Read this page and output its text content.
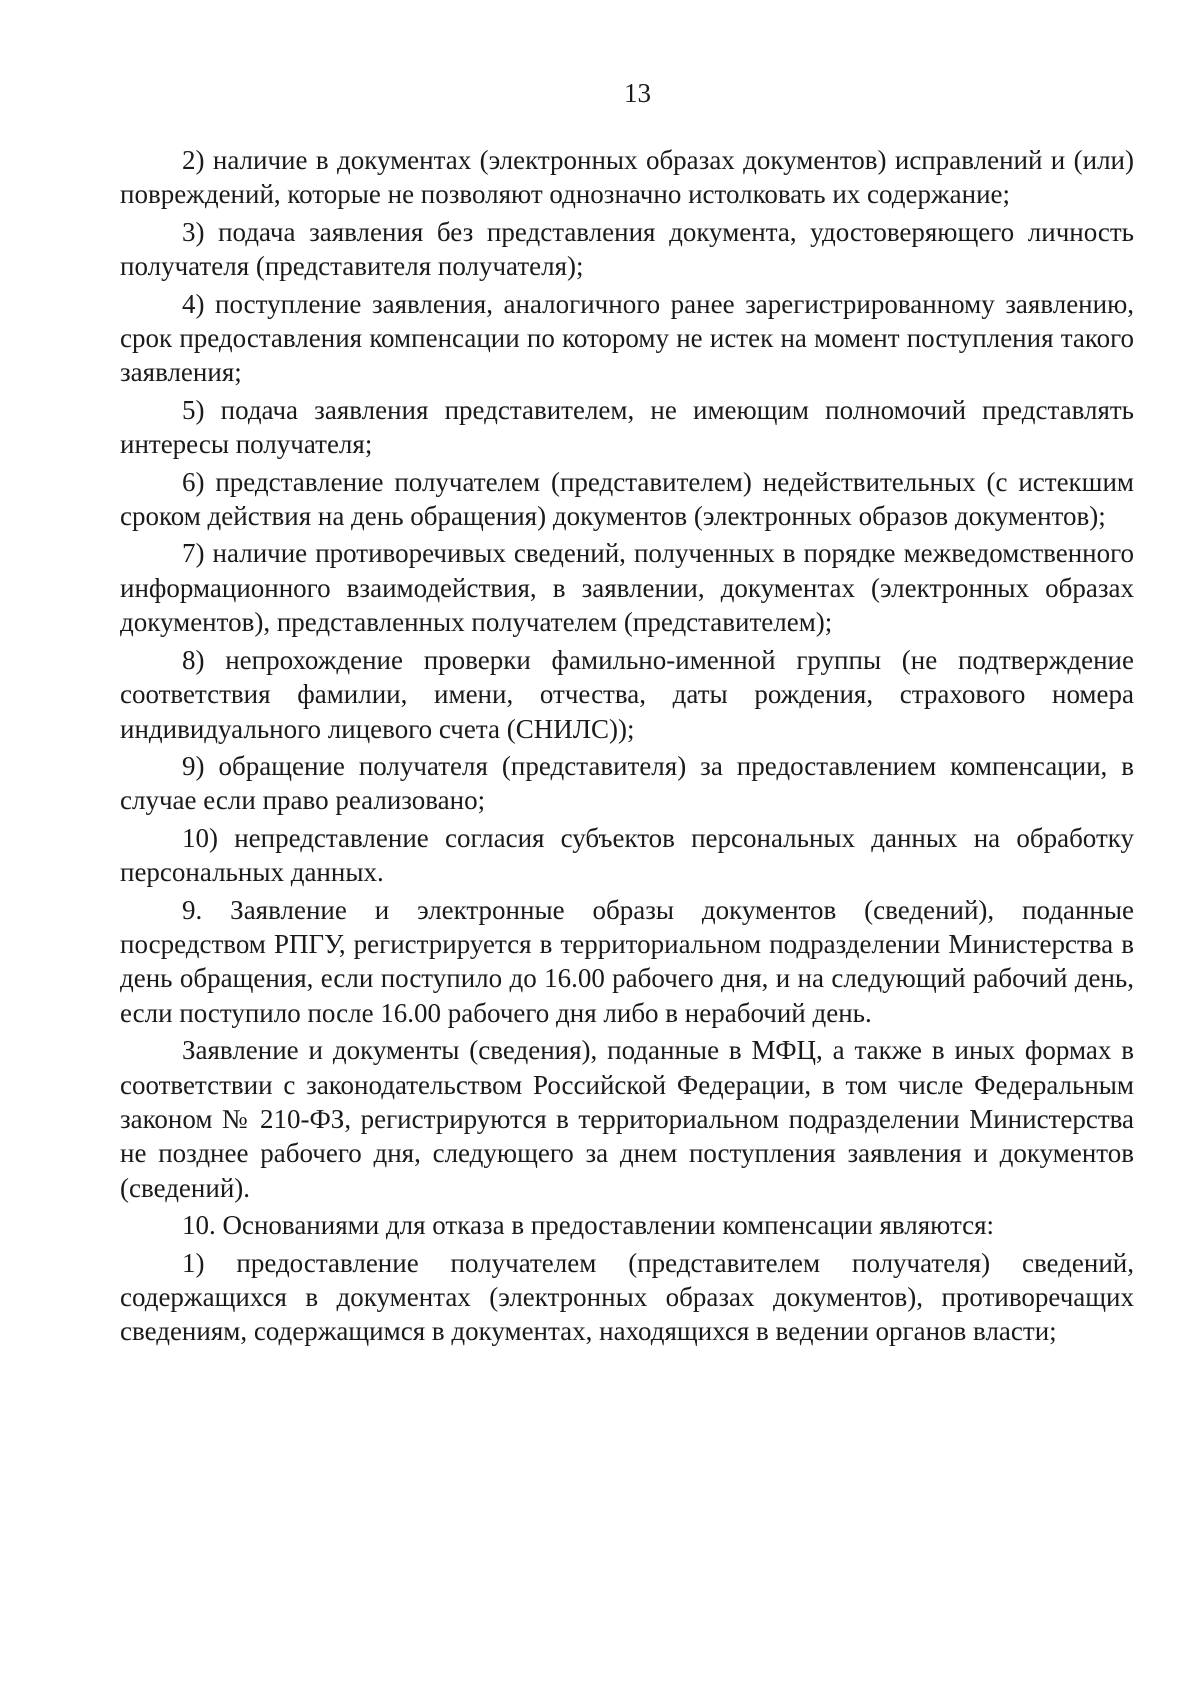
13

2) наличие в документах (электронных образах документов) исправлений и (или) повреждений, которые не позволяют однозначно истолковать их содержание;

3) подача заявления без представления документа, удостоверяющего личность получателя (представителя получателя);

4) поступление заявления, аналогичного ранее зарегистрированному заявлению, срок предоставления компенсации по которому не истек на момент поступления такого заявления;

5) подача заявления представителем, не имеющим полномочий представлять интересы получателя;

6) представление получателем (представителем) недействительных (с истекшим сроком действия на день обращения) документов (электронных образов документов);

7) наличие противоречивых сведений, полученных в порядке межведомственного информационного взаимодействия, в заявлении, документах (электронных образах документов), представленных получателем (представителем);

8) непрохождение проверки фамильно-именной группы (не подтверждение соответствия фамилии, имени, отчества, даты рождения, страхового номера индивидуального лицевого счета (СНИЛС));

9) обращение получателя (представителя) за предоставлением компенсации, в случае если право реализовано;

10) непредставление согласия субъектов персональных данных на обработку персональных данных.

9. Заявление и электронные образы документов (сведений), поданные посредством РПГУ, регистрируется в территориальном подразделении Министерства в день обращения, если поступило до 16.00 рабочего дня, и на следующий рабочий день, если поступило после 16.00 рабочего дня либо в нерабочий день.

Заявление и документы (сведения), поданные в МФЦ, а также в иных формах в соответствии с законодательством Российской Федерации, в том числе Федеральным законом № 210-ФЗ, регистрируются в территориальном подразделении Министерства не позднее рабочего дня, следующего за днем поступления заявления и документов (сведений).

10. Основаниями для отказа в предоставлении компенсации являются:

1) предоставление получателем (представителем получателя) сведений, содержащихся в документах (электронных образах документов), противоречащих сведениям, содержащимся в документах, находящихся в ведении органов власти;
